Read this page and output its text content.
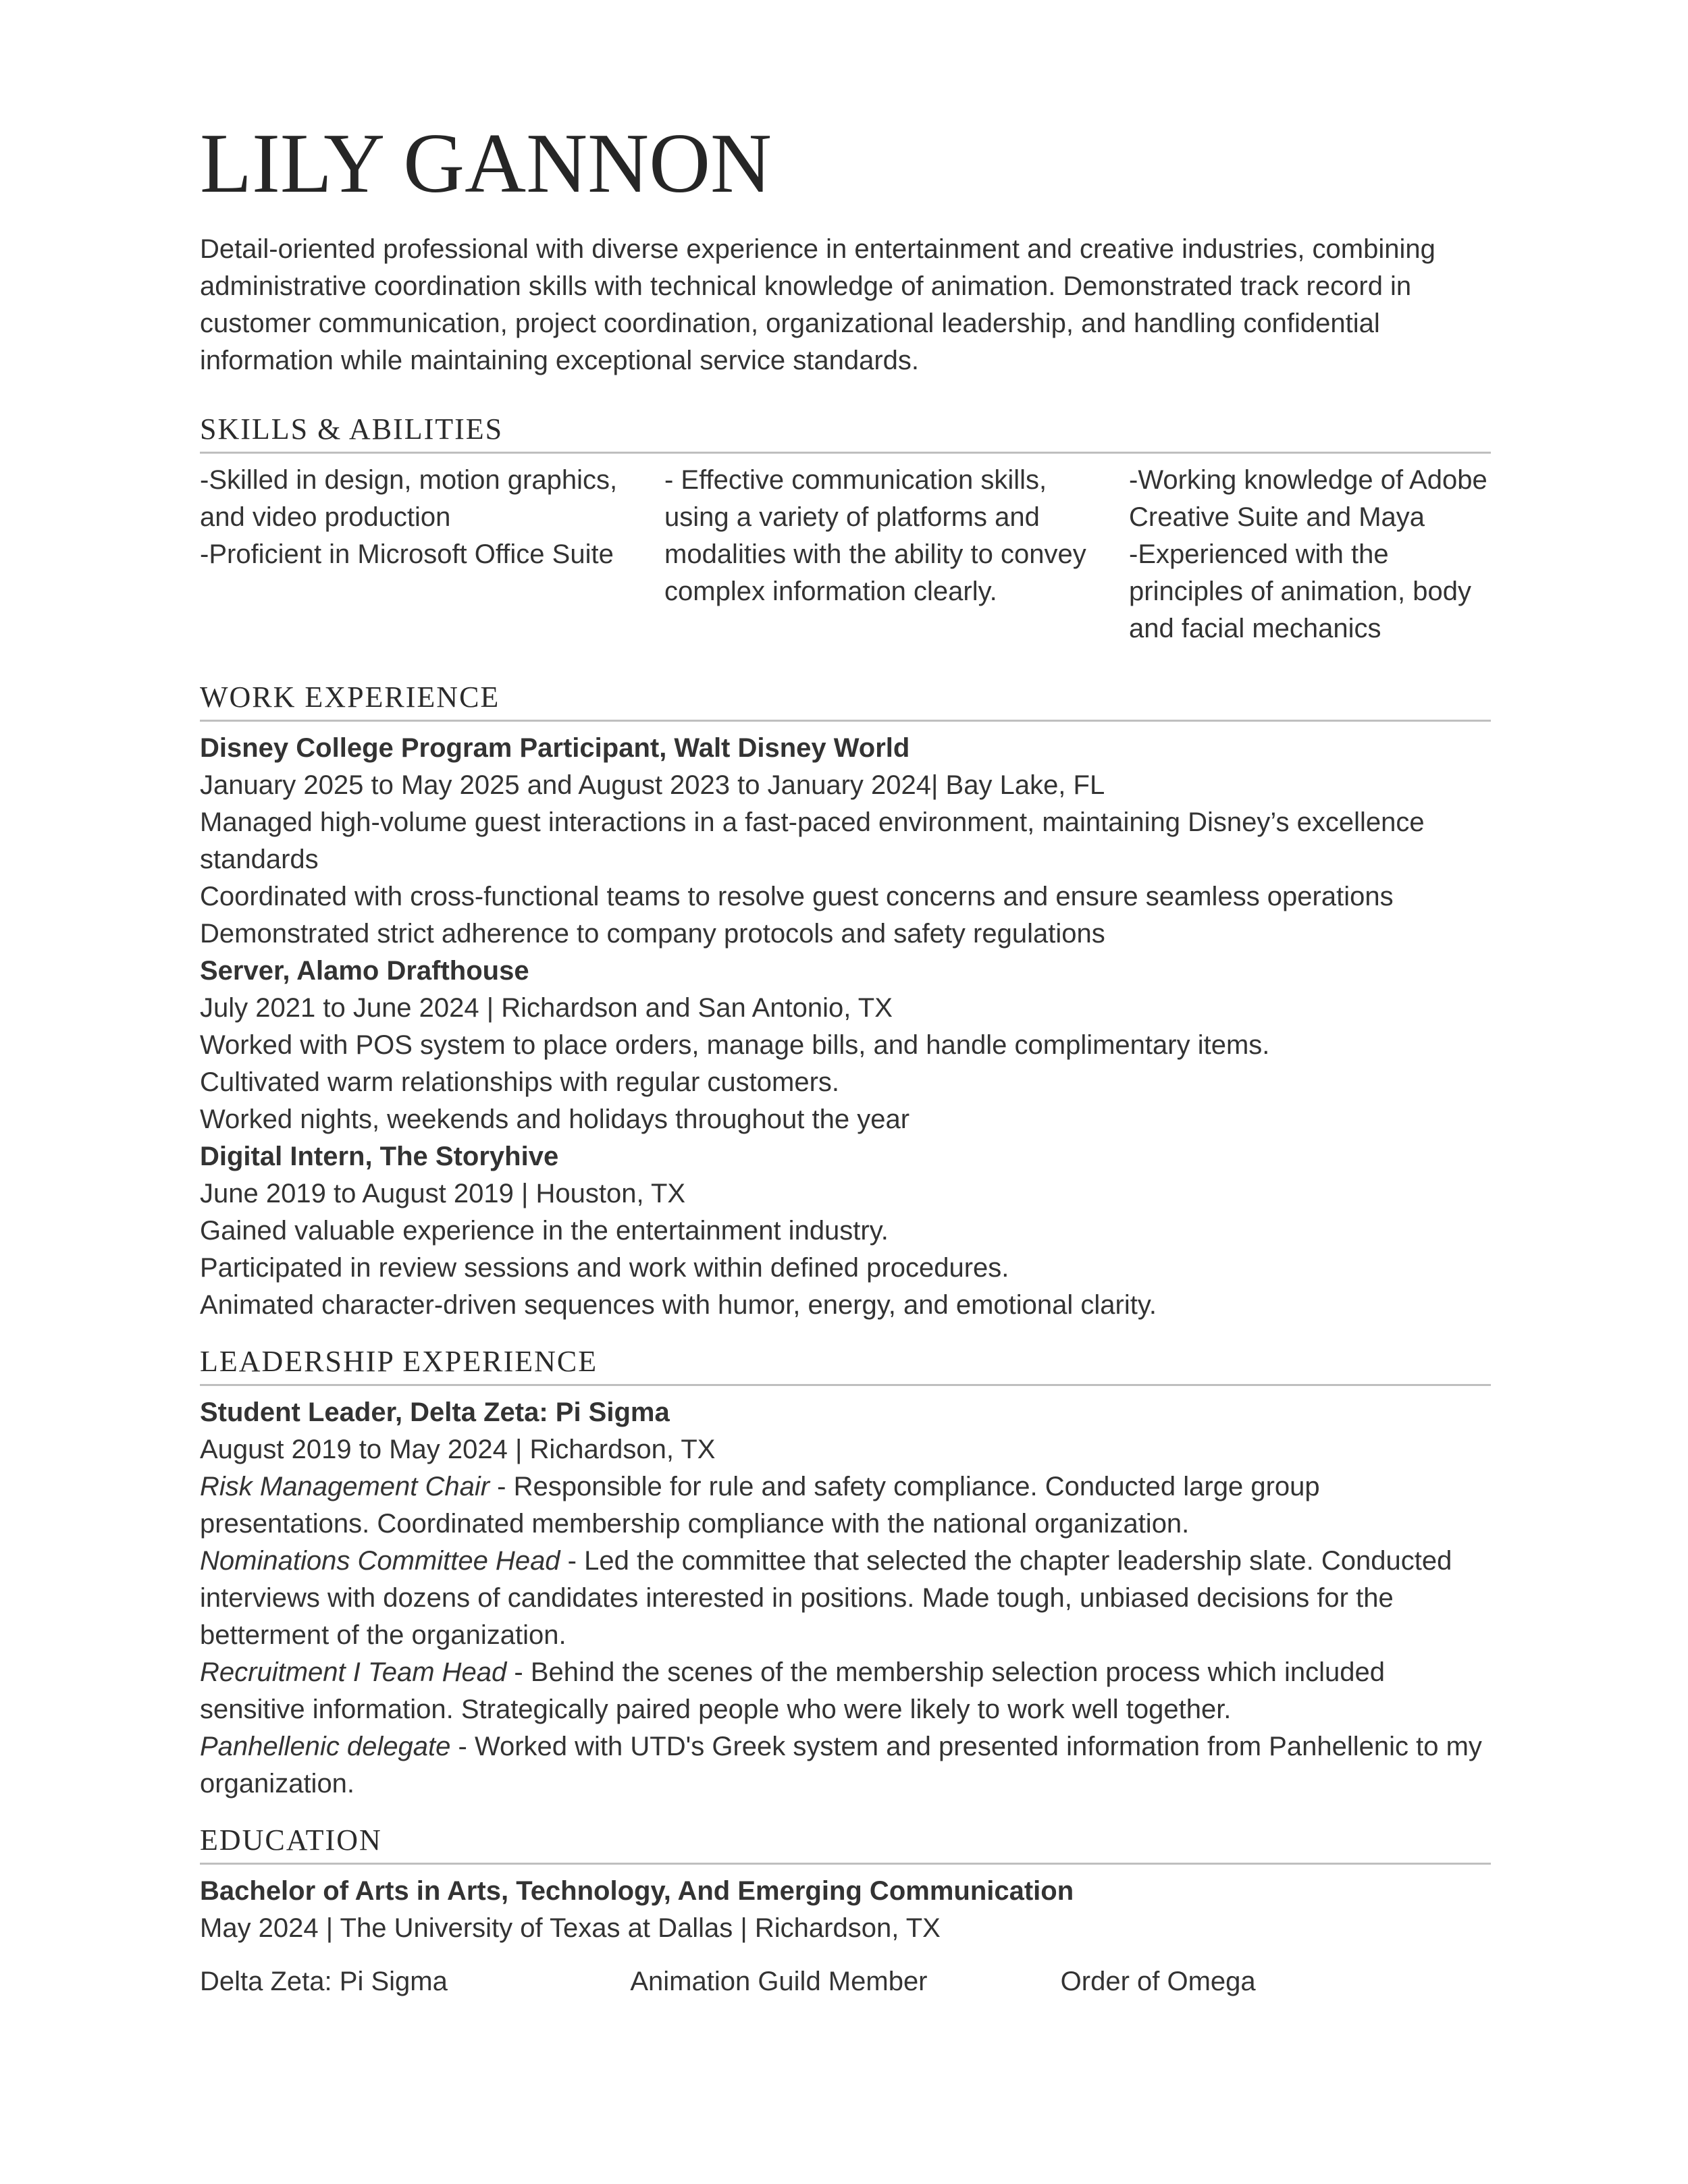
LILY GANNON

Detail-oriented professional with diverse experience in entertainment and creative industries, combining administrative coordination skills with technical knowledge of animation. Demonstrated track record in customer communication, project coordination, organizational leadership, and handling confidential information while maintaining exceptional service standards.

SKILLS & ABILITIES
-Skilled in design, motion graphics, and video production
-Proficient in Microsoft Office Suite
- Effective communication skills, using a variety of platforms and modalities with the ability to convey complex information clearly.
-Working knowledge of Adobe Creative Suite and Maya
-Experienced with the principles of animation, body and facial mechanics
WORK EXPERIENCE

Disney College Program Participant, Walt Disney World

January 2025 to May 2025 and August 2023 to January 2024| Bay Lake, FL

Managed high-volume guest interactions in a fast-paced environment, maintaining Disney’s excellence standards

Coordinated with cross-functional teams to resolve guest concerns and ensure seamless operations

Demonstrated strict adherence to company protocols and safety regulations

Server, Alamo Drafthouse

July 2021 to June 2024 | Richardson and San Antonio, TX

Worked with POS system to place orders, manage bills, and handle complimentary items.

Cultivated warm relationships with regular customers.

Worked nights, weekends and holidays throughout the year

Digital Intern, The Storyhive

June 2019 to August 2019 | Houston, TX

Gained valuable experience in the entertainment industry.

Participated in review sessions and work within defined procedures.

Animated character-driven sequences with humor, energy, and emotional clarity.

LEADERSHIP EXPERIENCE

Student Leader, Delta Zeta: Pi Sigma

August 2019 to May 2024 | Richardson, TX

Risk Management Chair - Responsible for rule and safety compliance. Conducted large group presentations. Coordinated membership compliance with the national organization.

Nominations Committee Head - Led the committee that selected the chapter leadership slate. Conducted interviews with dozens of candidates interested in positions. Made tough, unbiased decisions for the betterment of the organization.

Recruitment I Team Head - Behind the scenes of the membership selection process which included sensitive information. Strategically paired people who were likely to work well together.

Panhellenic delegate - Worked with UTD's Greek system and presented information from Panhellenic to my organization.

EDUCATION

Bachelor of Arts in Arts, Technology, And Emerging Communication

May 2024 | The University of Texas at Dallas | Richardson, TX

Delta Zeta: Pi Sigma	Animation Guild Member	Order of Omega
